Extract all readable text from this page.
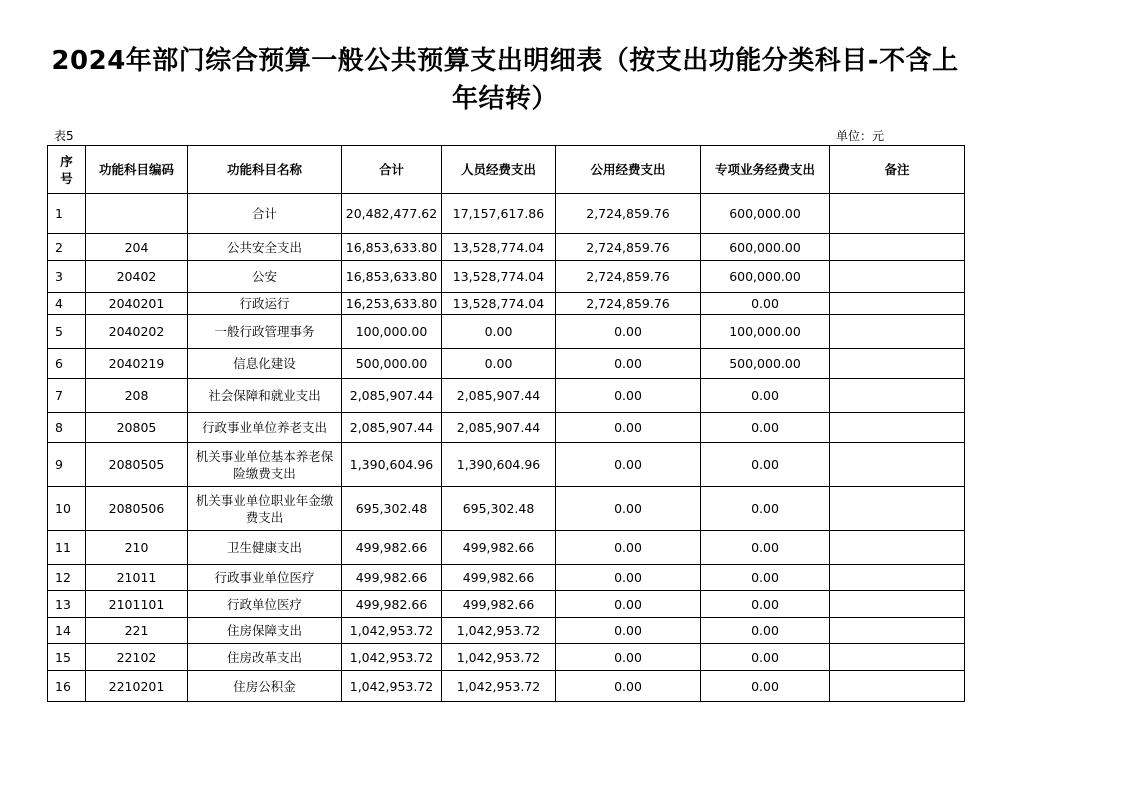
2024年部门综合预算一般公共预算支出明细表（按支出功能分类科目-不含上年结转）
表5	单位：元
序号	功能科目编码	功能科目名称	合计	人员经费支出	公用经费支出	专项业务经费支出	备注
1		合计	20,482,477.62	17,157,617.86	2,724,859.76	600,000.00	
2	204	公共安全支出	16,853,633.80	13,528,774.04	2,724,859.76	600,000.00	
3	20402	公安	16,853,633.80	13,528,774.04	2,724,859.76	600,000.00	
4	2040201	行政运行	16,253,633.80	13,528,774.04	2,724,859.76	0.00	
5	2040202	一般行政管理事务	100,000.00	0.00	0.00	100,000.00	
6	2040219	信息化建设	500,000.00	0.00	0.00	500,000.00	
7	208	社会保障和就业支出	2,085,907.44	2,085,907.44	0.00	0.00	
8	20805	行政事业单位养老支出	2,085,907.44	2,085,907.44	0.00	0.00	
9	2080505	机关事业单位基本养老保险缴费支出	1,390,604.96	1,390,604.96	0.00	0.00	
10	2080506	机关事业单位职业年金缴费支出	695,302.48	695,302.48	0.00	0.00	
11	210	卫生健康支出	499,982.66	499,982.66	0.00	0.00	
12	21011	行政事业单位医疗	499,982.66	499,982.66	0.00	0.00	
13	2101101	行政单位医疗	499,982.66	499,982.66	0.00	0.00	
14	221	住房保障支出	1,042,953.72	1,042,953.72	0.00	0.00	
15	22102	住房改革支出	1,042,953.72	1,042,953.72	0.00	0.00	
16	2210201	住房公积金	1,042,953.72	1,042,953.72	0.00	0.00	
